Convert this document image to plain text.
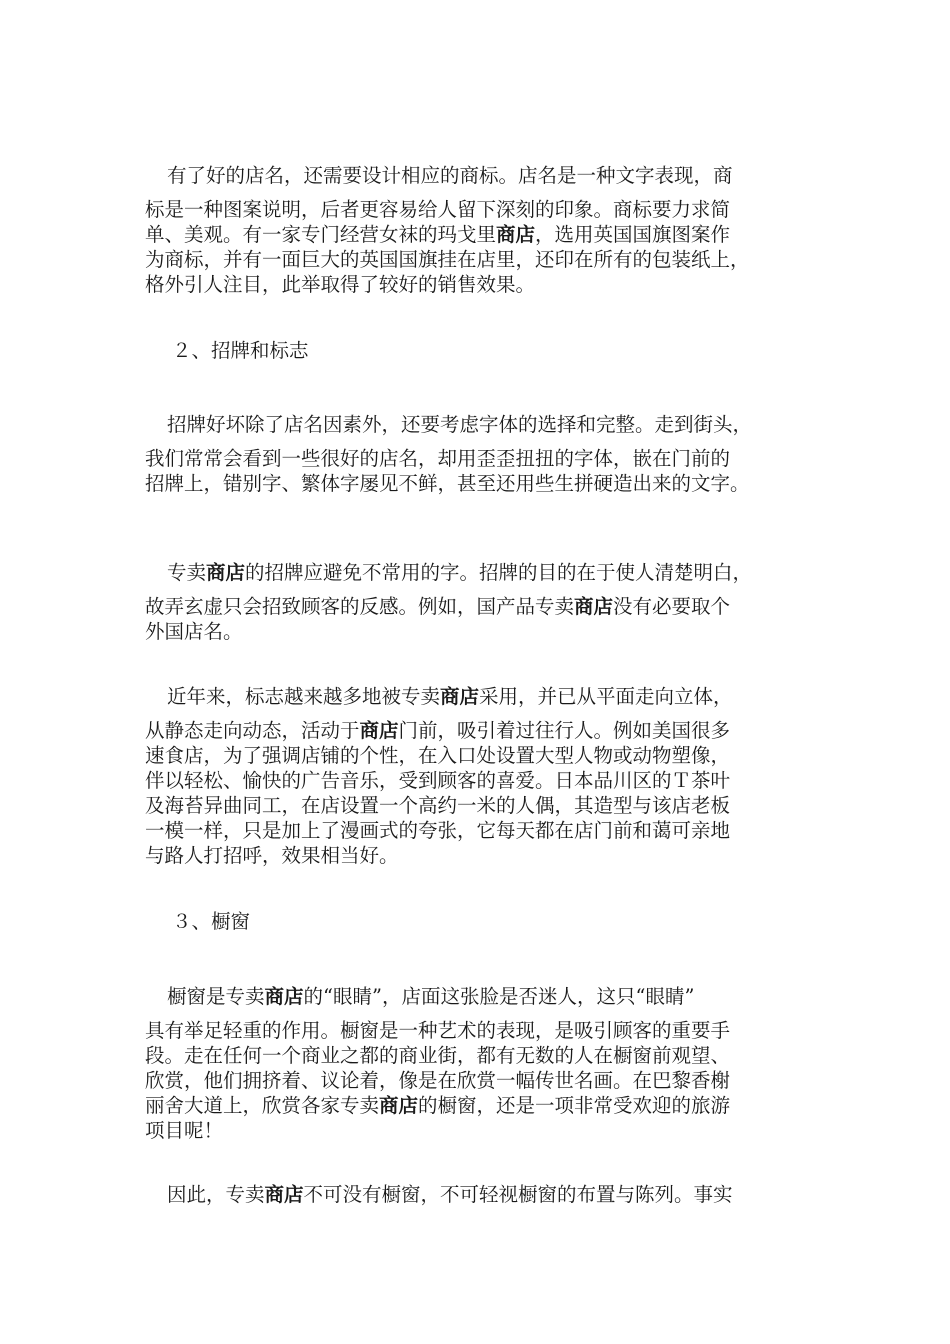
有了好的店名，还需要设计相应的商标。店名是一种文字表现，商
标是一种图案说明，后者更容易给人留下深刻的印象。商标要力求简
单、美观。有一家专门经营女袜的玛戈里商店，选用英国国旗图案作
为商标，并有一面巨大的英国国旗挂在店里，还印在所有的包装纸上，
格外引人注目，此举取得了较好的销售效果。
２、招牌和标志
招牌好坏除了店名因素外，还要考虑字体的选择和完整。走到街头，
我们常常会看到一些很好的店名，却用歪歪扭扭的字体，嵌在门前的
招牌上，错别字、繁体字屡见不鲜，甚至还用些生拼硬造出来的文字。
专卖商店的招牌应避免不常用的字。招牌的目的在于使人清楚明白，
故弄玄虚只会招致顾客的反感。例如，国产品专卖商店没有必要取个
外国店名。
近年来，标志越来越多地被专卖商店采用，并已从平面走向立体，
从静态走向动态，活动于商店门前，吸引着过往行人。例如美国很多
速食店，为了强调店铺的个性，在入口处设置大型人物或动物塑像，
伴以轻松、愉快的广告音乐，受到顾客的喜爱。日本品川区的Ｔ茶叶
及海苔异曲同工，在店设置一个高约一米的人偶，其造型与该店老板
一模一样，只是加上了漫画式的夸张，它每天都在店门前和蔼可亲地
与路人打招呼，效果相当好。
３、橱窗
橱窗是专卖商店的“眼睛”，店面这张脸是否迷人，这只“眼睛”
具有举足轻重的作用。橱窗是一种艺术的表现，是吸引顾客的重要手
段。走在任何一个商业之都的商业街，都有无数的人在橱窗前观望、
欣赏，他们拥挤着、议论着，像是在欣赏一幅传世名画。在巴黎香榭
丽舍大道上，欣赏各家专卖商店的橱窗，还是一项非常受欢迎的旅游
项目呢！
因此，专卖商店不可没有橱窗，不可轻视橱窗的布置与陈列。事实
